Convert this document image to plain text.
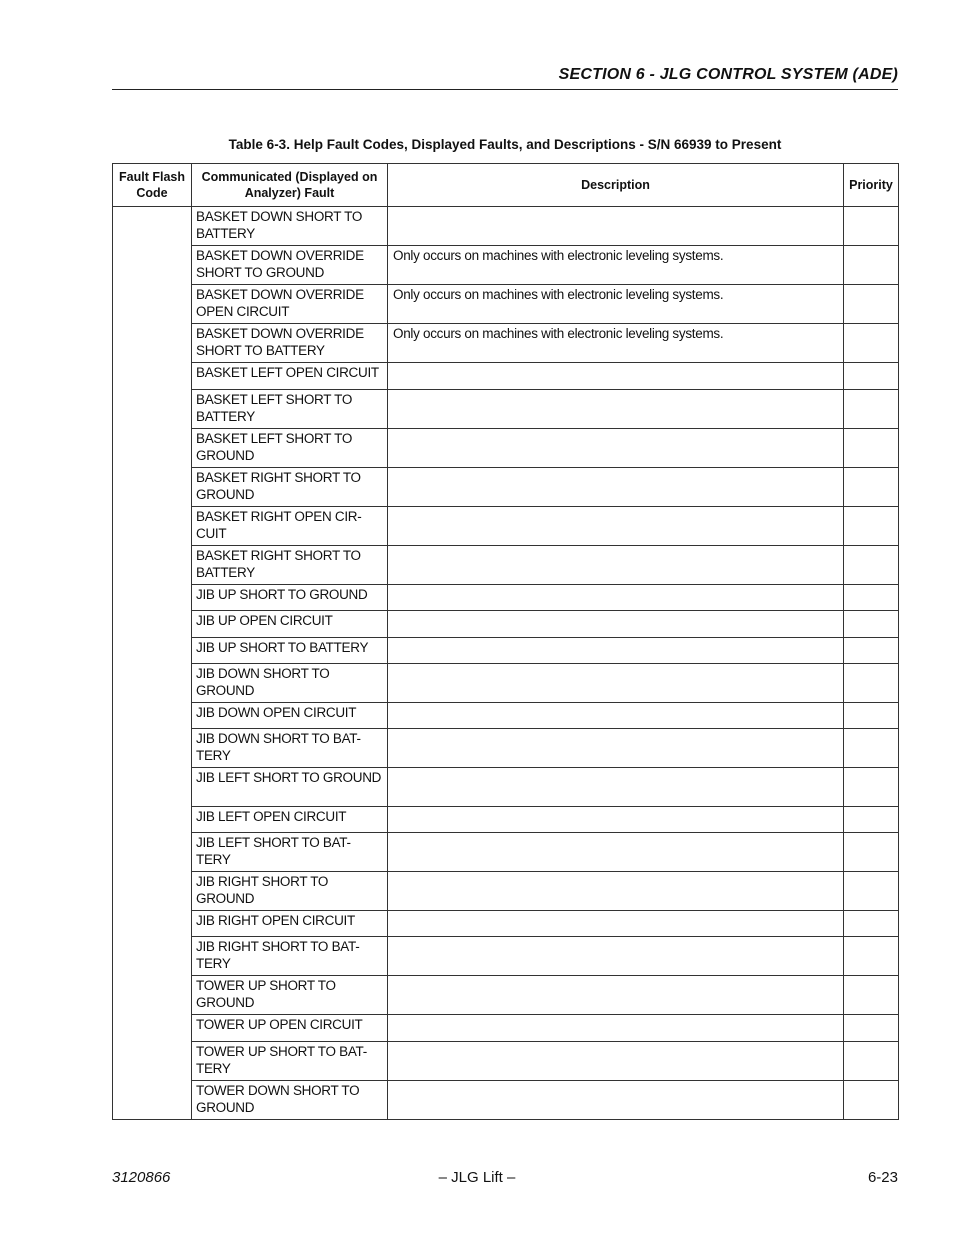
SECTION 6 - JLG CONTROL SYSTEM (ADE)
Table 6-3. Help Fault Codes, Displayed Faults, and Descriptions - S/N 66939 to Present
Fault Flash Code	Communicated (Displayed on Analyzer) Fault	Description	Priority
	BASKET DOWN SHORT TO BATTERY		
	BASKET DOWN OVERRIDE SHORT TO GROUND	Only occurs on machines with electronic leveling systems.	
	BASKET DOWN OVERRIDE OPEN CIRCUIT	Only occurs on machines with electronic leveling systems.	
	BASKET DOWN OVERRIDE SHORT TO BATTERY	Only occurs on machines with electronic leveling systems.	
	BASKET LEFT OPEN CIRCUIT		
	BASKET LEFT SHORT TO BATTERY		
	BASKET LEFT SHORT TO GROUND		
	BASKET RIGHT SHORT TO GROUND		
	BASKET RIGHT OPEN CIR-CUIT		
	BASKET RIGHT SHORT TO BATTERY		
	JIB UP SHORT TO GROUND		
	JIB UP OPEN CIRCUIT		
	JIB UP SHORT TO BATTERY		
	JIB DOWN SHORT TO GROUND		
	JIB DOWN OPEN CIRCUIT		
	JIB DOWN SHORT TO BAT-TERY		
	JIB LEFT SHORT TO GROUND		
	JIB LEFT OPEN CIRCUIT		
	JIB LEFT SHORT TO BAT-TERY		
	JIB RIGHT SHORT TO GROUND		
	JIB RIGHT OPEN CIRCUIT		
	JIB RIGHT SHORT TO BAT-TERY		
	TOWER UP SHORT TO GROUND		
	TOWER UP OPEN CIRCUIT		
	TOWER UP SHORT TO BAT-TERY		
	TOWER DOWN SHORT TO GROUND		
3120866	– JLG Lift –	6-23
